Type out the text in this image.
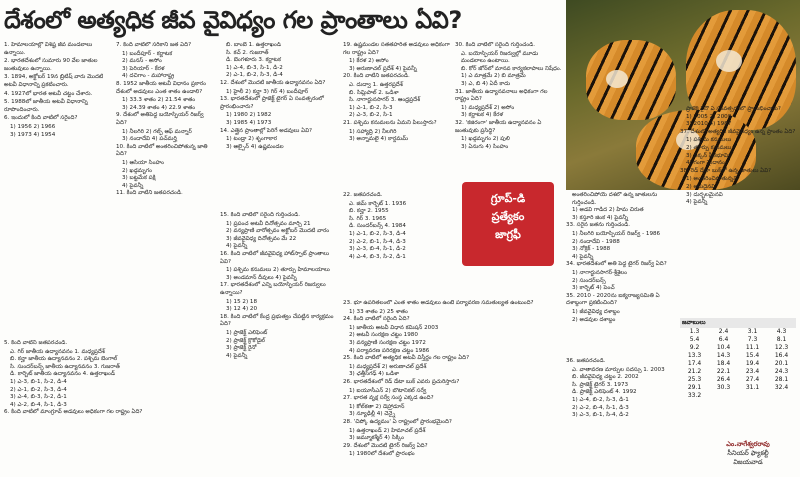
దేశంలో అత్యధిక జీవ వైవిధ్యం గల ప్రాంతాలు ఏవి?
1. హిమాలయాల్లో విశిష్ట జీవ మండలాలు ఉన్నాయి.
2. భారతదేశంలో సుమారు 90 వేల జాతుల జంతువులు ఉన్నాయి.
3. 1894, అక్టోబర్ 19న బ్రిటిష్ వారు మొదటి అటవీ విధానాన్ని ప్రకటించారు.
4. 1927లో భారత అటవీ చట్టం చేశారు.
5. 1988లో జాతీయ అటవీ విధానాన్ని రూపొందించారు.
6. ఇందులో కింది వాటిలో సరైంది?
1) 1956 2) 1966
3) 1973 4) 1954
7. కింది వాటిలో సరికాని జత ఏది?
1) బందీపూర్ - కర్ణాటక
2) మనస్ - అసోం
3) పెరియార్ - కేరళ
4) దచిగాం - మహారాష్ట్ర
8. 1952 జాతీయ అటవీ విధానం ప్రకారం దేశంలో అడవులు ఎంత శాతం ఉండాలి?
1) 33.3 శాతం 2) 21.54 శాతం
3) 24.39 శాతం 4) 22.9 శాతం
9. దేశంలో అతిపెద్ద బయోస్ఫియర్ రిజర్వ్ ఏది?
1) నీలగిరి 2) గల్ఫ్ ఆఫ్ మన్నార్
3) నందాదేవి 4) పచ్‌మర్హి
10. కింది వాటిలో అంతరించిపోతున్న జాతి ఏది?
1) ఆసియా సింహం
2) ఖడ్గమృగం
3) బట్టమేక పక్షి
4) పైవన్నీ
11. కింది వాటిని జతపరచండి.
బి. బాంబే 1. ఉత్తరాఖండ్
సి. కచ్ 2. గుజరాత్
డి. బెంగళూరు 3. కర్ణాటక
1) ఎ-4, బి-3, సి-1, డి-2
2) ఎ-1, బి-2, సి-3, డి-4
12. దేశంలో మొదటి జాతీయ ఉద్యానవనం ఏది?
1) హైలీ 2) కన్హా 3) గిర్ 4) బందీపూర్
13. భారతదేశంలో ప్రాజెక్ట్ టైగర్ ఏ సంవత్సరంలో ప్రారంభించారు?
1) 1980 2) 1982
3) 1985 4) 1973
14. ఎత్తైన ప్రాంతాల్లో పెరిగే అడవులు ఏవి?
1) టండ్రా 2) శృంగాకార
3) ఆల్పైన్ 4) ఉష్ణమండల
15. కింది వాటిలో సరైంది గుర్తించండి.
1) ప్రపంచ అటవీ దినోత్సవం మార్చి 21
2) వన్యప్రాణి వారోత్సవం అక్టోబర్ మొదటి వారం
3) జీవవైవిధ్య దినోత్సవం మే 22
4) పైవన్నీ
16. కింది వాటిలో జీవవైవిధ్య హాట్‌స్పాట్ ప్రాంతాలు ఏవి?
1) పశ్చిమ కనుమలు 2) తూర్పు హిమాలయాలు
3) అండమాన్ దీవులు 4) పైవన్నీ
17. భారతదేశంలో ఎన్ని బయోస్ఫియర్ రిజర్వులు ఉన్నాయి?
1) 15 2) 18
3) 12 4) 20
18. కింది వాటిలో కేంద్ర ప్రభుత్వం చేపట్టిన కార్యక్రమం ఏది?
1) ప్రాజెక్ట్ ఎలిఫెంట్
2) ప్రాజెక్ట్ క్రొకోడైల్
3) ప్రాజెక్ట్ రైనో
4) పైవన్నీ
19. ఉష్ణమండల సతతహరిత అడవులు అధికంగా గల రాష్ట్రం ఏది?
1) కేరళ 2) అసోం
3) అరుణాచల్ ప్రదేశ్ 4) పైవన్నీ
20. కింది వాటిని జతపరచండి.
ఎ. దుద్వా 1. ఉత్తరప్రదేశ్
బి. సిమ్లిపాల్ 2. ఒడిశా
సి. నాగార్జునసాగర్ 3. ఆంధ్రప్రదేశ్
1) ఎ-1, బి-2, సి-3
2) ఎ-3, బి-2, సి-1
21. పశ్చిమ కనుమలను ఏమని పిలుస్తారు?
1) సహ్యాద్రి 2) నీలగిరి
3) అన్నామలై 4) కార్డమమ్
22. జతపరచండి.
ఎ. జిమ్ కార్బెట్ 1. 1936
బి. కన్హా 2. 1955
సి. గిర్ 3. 1965
డి. సుందర్‌బన్స్ 4. 1984
1) ఎ-1, బి-2, సి-3, డి-4
2) ఎ-2, బి-1, సి-4, డి-3
3) ఎ-3, బి-4, సి-1, డి-2
4) ఎ-4, బి-3, సి-2, డి-1
23. భూ ఉపరితలంలో ఎంత శాతం అడవులు ఉంటే పర్యావరణ సమతుల్యత ఉంటుంది?
1) 33 శాతం 2) 25 శాతం
24. కింది వాటిలో సరైంది ఏది?
1) జాతీయ అటవీ విధాన కమిషన్ 2003
2) అటవీ సంరక్షణ చట్టం 1980
3) వన్యప్రాణి సంరక్షణ చట్టం 1972
4) పర్యావరణ పరిరక్షణ చట్టం 1986
25. కింది వాటిలో అత్యధిక అటవీ విస్తీర్ణం గల రాష్ట్రం ఏది?
1) మధ్యప్రదేశ్ 2) అరుణాచల్ ప్రదేశ్
3) ఛత్తీస్‌గఢ్ 4) ఒడిశా
26. భారతదేశంలో రెడ్ డేటా బుక్ ఎవరు ప్రచురిస్తారు?
1) ఐయూసీఎన్ 2) బొటానికల్ సర్వే
27. భారత వృక్ష సర్వే సంస్థ ఎక్కడ ఉంది?
1) కోల్‌కతా 2) డెహ్రాడూన్
3) న్యూఢిల్లీ 4) చెన్నై
28. 'చిప్కో ఉద్యమం' ఏ రాష్ట్రంలో ప్రారంభమైంది?
1) ఉత్తరాఖండ్ 2) హిమాచల్ ప్రదేశ్
3) జమ్మూకశ్మీర్ 4) సిక్కిం
29. దేశంలో మొదటి టైగర్ రిజర్వ్ ఏది?
1) 1980లో దేశంలో ప్రారంభం
30. కింది వాటిలో సరైంది గుర్తించండి.
ఎ. బయోస్ఫియర్ రిజర్వుల్లో మూడు మండలాలు ఉంటాయి.
బి. కోర్ జోన్‌లో మానవ కార్యకలాపాలు నిషేధం.
1) ఎ మాత్రమే 2) బి మాత్రమే
3) ఎ, బి 4) ఏదీ కాదు
31. జాతీయ ఉద్యానవనాలు అధికంగా గల రాష్ట్రం ఏది?
1) మధ్యప్రదేశ్ 2) అసోం
3) కర్ణాటక 4) కేరళ
32. 'కజిరంగా' జాతీయ ఉద్యానవనం ఏ జంతువుకు ప్రసిద్ధి?
1) ఖడ్గమృగం 2) పులి
3) ఏనుగు 4) సింహం
అంతరించిపోయే దశలో ఉన్న జాతులను గుర్తించండి.
1) అడవి గాడిద 2) హిమ చిరుత
3) కస్తూరి జింక 4) పైవన్నీ
33. సరైన జతను గుర్తించండి.
1) నీలగిరి బయోస్ఫియర్ రిజర్వ్ - 1986
2) నందాదేవి - 1988
3) నోక్రెక్ - 1988
4) పైవన్నీ
34. భారతదేశంలో అతి పెద్ద టైగర్ రిజర్వ్ ఏది?
1) నాగార్జునసాగర్-శ్రీశైలం
2) సుందర్‌బన్స్
3) కార్బెట్ 4) పెంచ్
35. 2010 - 2020ను ఐక్యరాజ్యసమితి ఏ దశాబ్దంగా ప్రకటించింది?
1) జీవవైవిధ్య దశాబ్దం
2) అడవుల దశాబ్దం
36. జతపరచండి.
ఎ. వాతావరణ మార్పుల సదస్సు 1. 2003
బి. జీవవైవిధ్య చట్టం 2. 2002
సి. ప్రాజెక్ట్ టైగర్ 3. 1973
డి. ప్రాజెక్ట్ ఎలిఫెంట్ 4. 1992
1) ఎ-4, బి-2, సి-3, డి-1
2) ఎ-2, బి-4, సి-1, డి-3
3) ఎ-3, బి-1, సి-4, డి-2
ప్రాజెక్ట్ రైనో ఏ సంవత్సరంలో ప్రారంభించారు?
1) 2005 2) 2008
3) 2010 4) 1987
37. దేశంలో అత్యధిక జీవవైవిధ్యం ఉన్న ప్రాంతం ఏది?
1) పశ్చిమ కనుమలు
2) తూర్పు కనుమలు
3) దక్కన్ పీఠభూమి
4) గంగా మైదానం
38. రెడ్ డేటా బుక్‌లో ఉన్న జాతులు ఏవి?
1) అంతరించిపోతున్నవి
2) అరుదైనవి
3) దుర్బలమైనవి
4) పైవన్నీ
5. కింది వాటిని జతపరచండి.
ఎ. గిర్ జాతీయ ఉద్యానవనం 1. మధ్యప్రదేశ్
బి. కన్హా జాతీయ ఉద్యానవనం 2. పశ్చిమ బెంగాల్
సి. సుందర్‌బన్స్ జాతీయ ఉద్యానవనం 3. గుజరాత్
డి. కార్బెట్ జాతీయ ఉద్యానవనం 4. ఉత్తరాఖండ్
1) ఎ-3, బి-1, సి-2, డి-4
2) ఎ-1, బి-2, సి-3, డి-4
3) ఎ-4, బి-3, సి-2, డి-1
4) ఎ-2, బి-4, సి-1, డి-3
6. కింది వాటిలో మాంగ్రూవ్ అడవులు అధికంగా గల రాష్ట్రం ఏది?
గ్రూప్-డి
ప్రత్యేకం
జాగ్రఫీ
జవాబులు
1.3	2.4	3.1	4.3
5.4	6.4	7.3	8.1
9.2	10.4	11.1	12.3
13.3	14.3	15.4	16.4
17.4	18.4	19.4	20.1
21.2	22.1	23.4	24.3
25.3	26.4	27.4	28.1
29.1	30.3	31.1	32.4
33.2
ఎం.నాగేశ్వరరావు
సీనియర్ ఫ్యాకల్టీ
విజయవాడ
